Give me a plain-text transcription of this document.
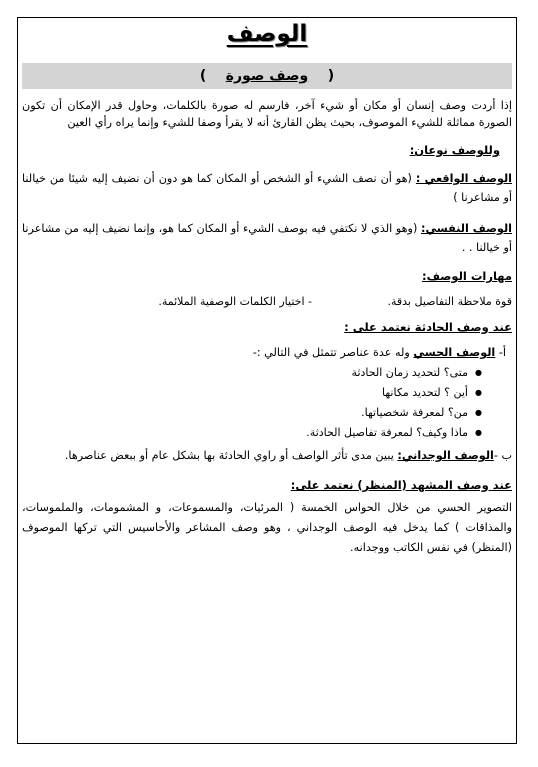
الوصف
(    وصف صورة    )

إذا أردت وصف إنسان أو مكان أو شيء آخر، فارسم له صورة بالكلمات، وحاول قدر الإمكان أن تكون الصورة مماثلة للشيء الموصوف، بحيث يظن القارئ أنه لا يقرأ وصفا للشيء وإنما يراه رأي العين

وللوصف نوعان:

الوصف الواقعي : (هو أن نصف الشيء أو الشخص أو المكان كما هو دون أن نضيف إليه شيئا من خيالنا أو مشاعرنا )

الوصف النفسي: (وهو الذي لا نكتفي فيه بوصف الشيء أو المكان كما هو، وإنما نضيف إليه من مشاعرنا أو خيالنا . .

مهارات الوصف:

قوة ملاحظة التفاصيل بدقة.
- اختيار الكلمات الوصفية الملائمة.

عند وصف الحادثة نعتمد على :

أ- الوصف الحسي وله عدة عناصر تتمثل في التالي :-

● متى؟ لتحديد زمان الحادثة
● أين ؟ لتحديد مكانها
● من؟ لمعرفة شخصياتها.
● ماذا وكيف؟ لمعرفة تفاصيل الحادثة.

ب -الوصف الوجداني: يبين مدى تأثر الواصف أو راوي الحادثة بها بشكل عام أو ببعض عناصرها.

عند وصف المشهد (المنظر) نعتمد على:

التصوير الحسي من خلال الحواس الخمسة ( المرئيات، والمسموعات، و المشمومات، والملموسات، والمذاقات ) كما يدخل فيه الوصف الوجداني ، وهو وصف المشاعر والأحاسيس التي تركها الموصوف (المنظر) في نفس الكاتب ووجدانه.
